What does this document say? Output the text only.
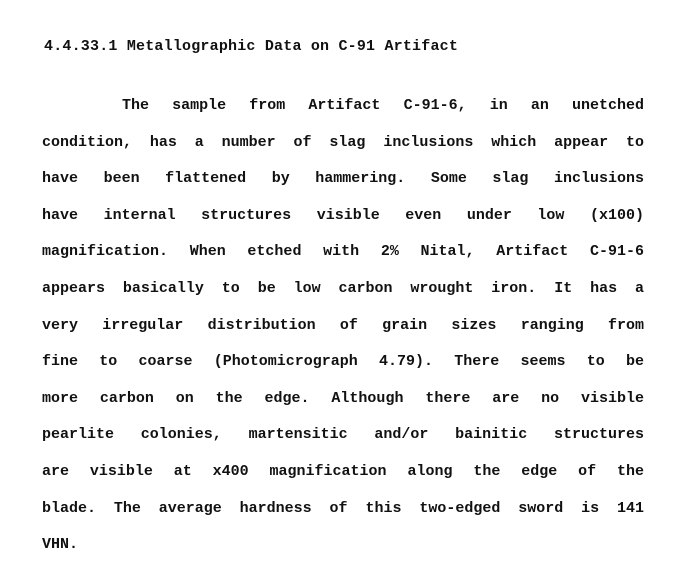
4.4.33.1 Metallographic Data on C-91 Artifact
The sample from Artifact C-91-6, in an unetched
condition, has a number of slag inclusions which appear to
have been flattened by hammering. Some slag inclusions
have internal structures visible even under low (x100)
magnification. When etched with 2% Nital, Artifact C-91-6
appears basically to be low carbon wrought iron. It has a
very irregular distribution of grain sizes ranging from
fine to coarse (Photomicrograph 4.79). There seems to be
more carbon on the edge. Although there are no visible
pearlite colonies, martensitic and/or bainitic structures
are visible at x400 magnification along the edge of the
blade. The average hardness of this two-edged sword is 141
VHN.
